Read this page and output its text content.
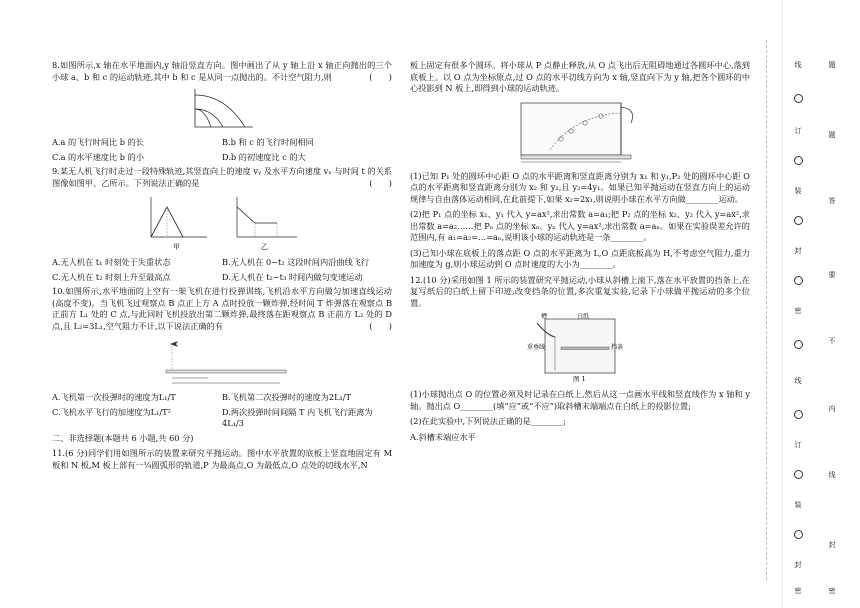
8.如图所示,x 轴在水平地面内,y 轴沿竖直方向。图中画出了从 y 轴上沿 x 轴正向抛出的三个小球 a、b 和 c 的运动轨迹,其中 b 和 c 是从同一点抛出的。不计空气阻力,则	(　　)

A.a 的飞行时间比 b 的长	B.b 和 c 的飞行时间相同
C.a 的水平速度比 b 的小	D.b 的初速度比 c 的大

9.某无人机飞行时走过一段特殊轨迹,其竖直向上的速度 vᵧ 及水平方向速度 vₓ 与时间 t 的关系图像如图甲、乙所示。下列说法正确的是	(　　)

甲	乙
A.无人机在 t₁ 时刻处于失重状态	B.无人机在 0~t₂ 这段时间内沿曲线飞行
C.无人机在 t₂ 时刻上升至最高点	D.无人机在 t₂~t₃ 时间内做匀变速运动

10.如图所示,水平地面的上空有一架飞机在进行投弹训练,飞机沿水平方向做匀加速直线运动(高度不变)。当飞机飞过观察点 B 点正上方 A 点时投放一颗炸弹,经时间 T 炸弹落在观察点 B 正前方 L₁ 处的 C 点,与此同时飞机投放出第二颗炸弹,最终落在距观察点 B 正前方 L₂ 处的 D 点,且 L₂=3L₁,空气阻力不计,以下说法正确的有	(　　)

A.飞机第一次投弹时的速度为L₁/T	B.飞机第二次投弹时的速度为2L₁/T
C.飞机水平飞行的加速度为L₁/T²	D.两次投弹时间间隔 T 内飞机飞行距离为4L₁/3

二、非选择题(本题共 6 小题,共 60 分)

11.(6 分)同学们用如图所示的装置来研究平抛运动。图中水平放置的底板上竖直地固定有 M 板和 N 板,M 板上部有一¼圆弧形的轨道,P 为最高点,O 为最低点,O 点处的切线水平,N

板上固定有很多个圆环。将小球从 P 点静止释放,从 O 点飞出后无阻碍地通过各圆环中心,落到底板上。以 O 点为坐标原点,过 O 点的水平切线方向为 x 轴,竖直向下为 y 轴,把各个圆环的中心投影到 N 板上,即得到小球的运动轨迹。

(1)已知 P₁ 处的圆环中心距 O 点的水平距离和竖直距离分别为 x₁ 和 y₁,P₂ 处的圆环中心距 O 点的水平距离和竖直距离分别为 x₂ 和 y₂,且 y₂=4y₁。如果已知平抛运动在竖直方向上的运动规律与自由落体运动相同,在此前提下,如果 x₂=2x₁,则说明小球在水平方向做________运动。

(2)把 P₁ 点的坐标 x₁、y₁ 代入 y=ax²,求出常数 a=a₁;把 P₂ 点的坐标 x₂、y₂ 代入 y=ax²,求出常数 a=a₂……把 Pₙ 点的坐标 xₙ、yₙ 代入 y=ax²,求出常数 a=aₙ。如果在实验误差允许的范围内,有 a₁=a₂=…=aₙ,说明该小球的运动轨迹是一条________。

(3)已知小球在底板上的落点距 O 点的水平距离为 L,O 点距底板高为 H,不考虑空气阻力,重力加速度为 g,则小球运动到 O 点时速度的大小为________。

12.(10 分)采用如图 1 所示的装置研究平抛运动,小球从斜槽上滚下,落在水平放置的挡条上,在复写纸后的白纸上留下印迹,改变挡条的位置,多次重复实验,记录下小球做平抛运动的多个位置。

槽	白纸
重垂线	挡条
图 1

(1)小球抛出点 O 的位置必须及时记录在白纸上,然后从这一点画水平线和竖直线作为 x 轴和 y 轴。抛出点 O________(填“应”或“不应”)取斜槽末端端点在白纸上的投影位置;

(2)在此实验中,下列说法正确的是________;

A.斜槽末端应水平

线
订
装
封
密
线
订
装
封
密
题
题
答
要
不
内
线
封
密
